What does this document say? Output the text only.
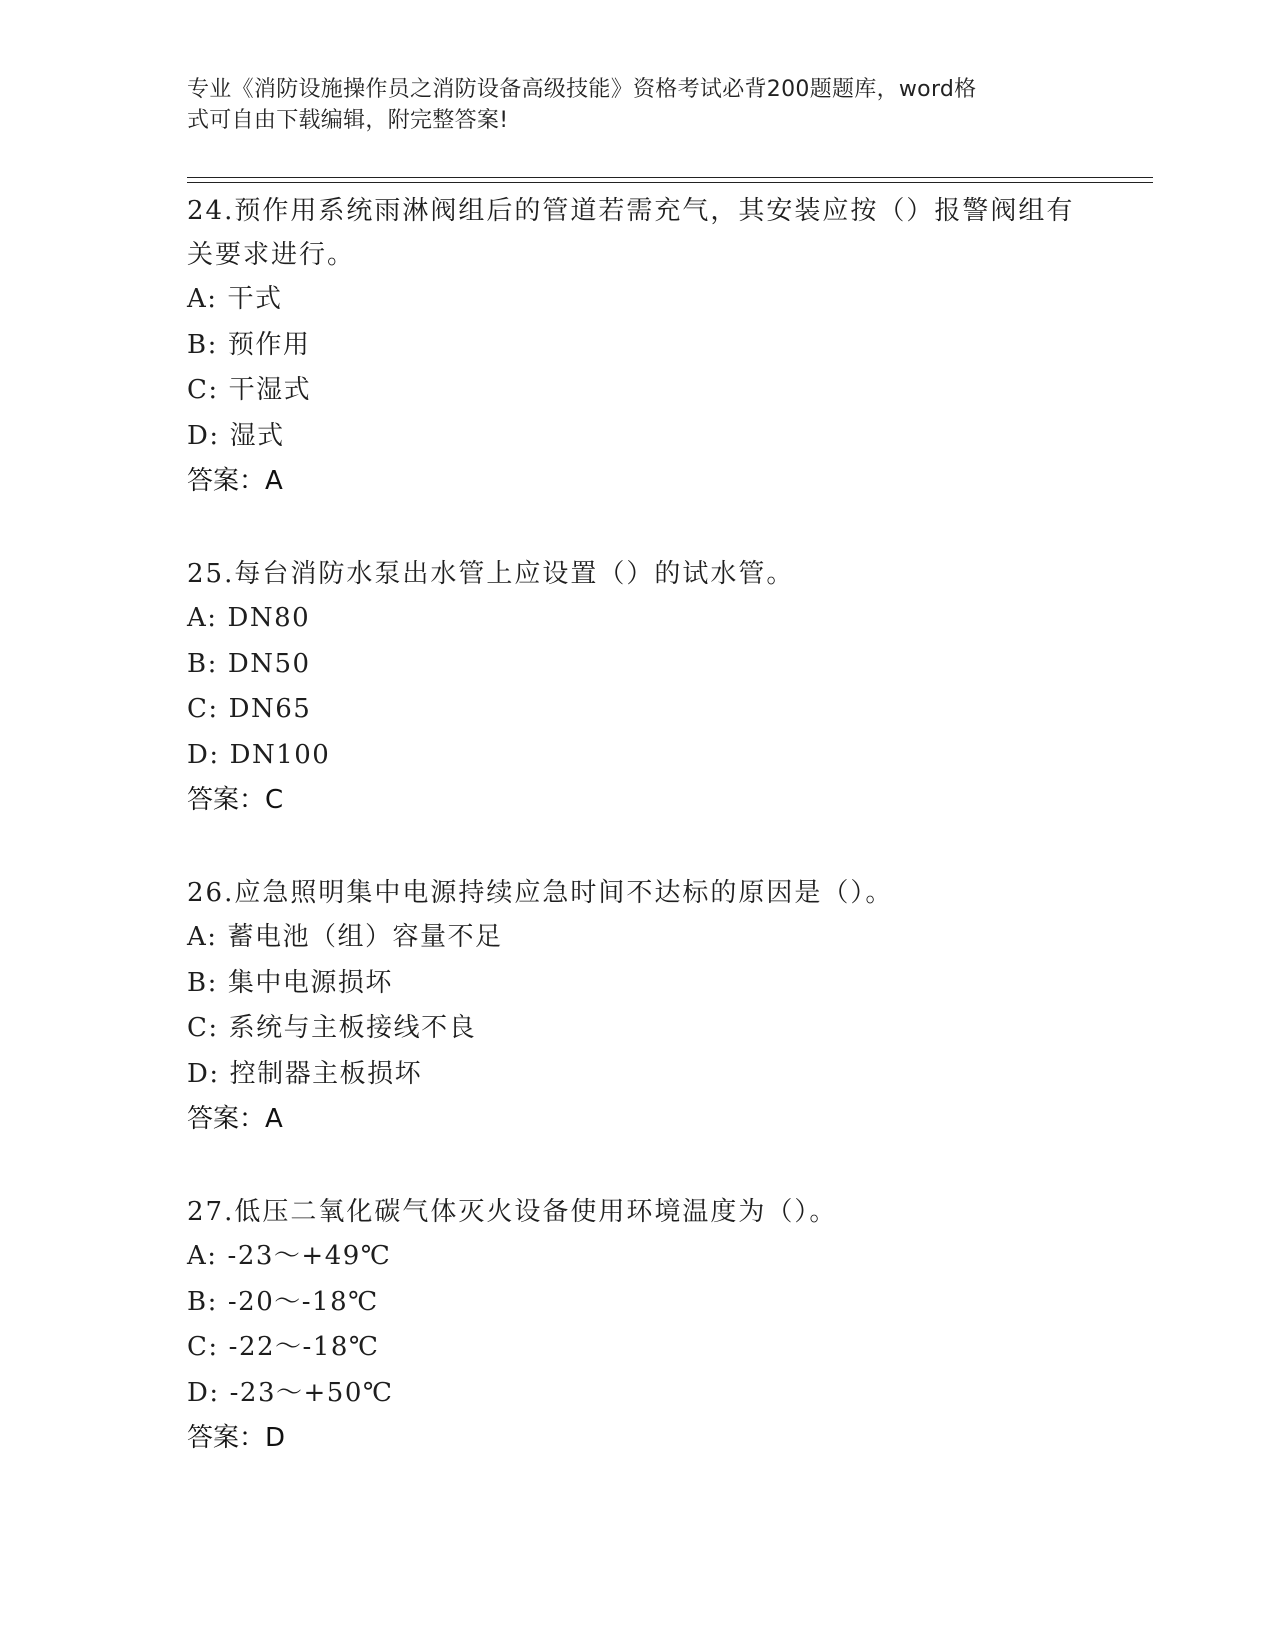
专业《消防设施操作员之消防设备高级技能》资格考试必背200题题库，word格
式可自由下载编辑，附完整答案!
24.预作用系统雨淋阀组后的管道若需充气，其安装应按（）报警阀组有关要求进行。
A: 干式
B: 预作用
C: 干湿式
D: 湿式
答案：A
25.每台消防水泵出水管上应设置（）的试水管。
A: DN80
B: DN50
C: DN65
D: DN100
答案：C
26.应急照明集中电源持续应急时间不达标的原因是（）。
A: 蓄电池（组）容量不足
B: 集中电源损坏
C: 系统与主板接线不良
D: 控制器主板损坏
答案：A
27.低压二氧化碳气体灭火设备使用环境温度为（）。
A: -23～+49℃
B: -20～-18℃
C: -22～-18℃
D: -23～+50℃
答案：D
